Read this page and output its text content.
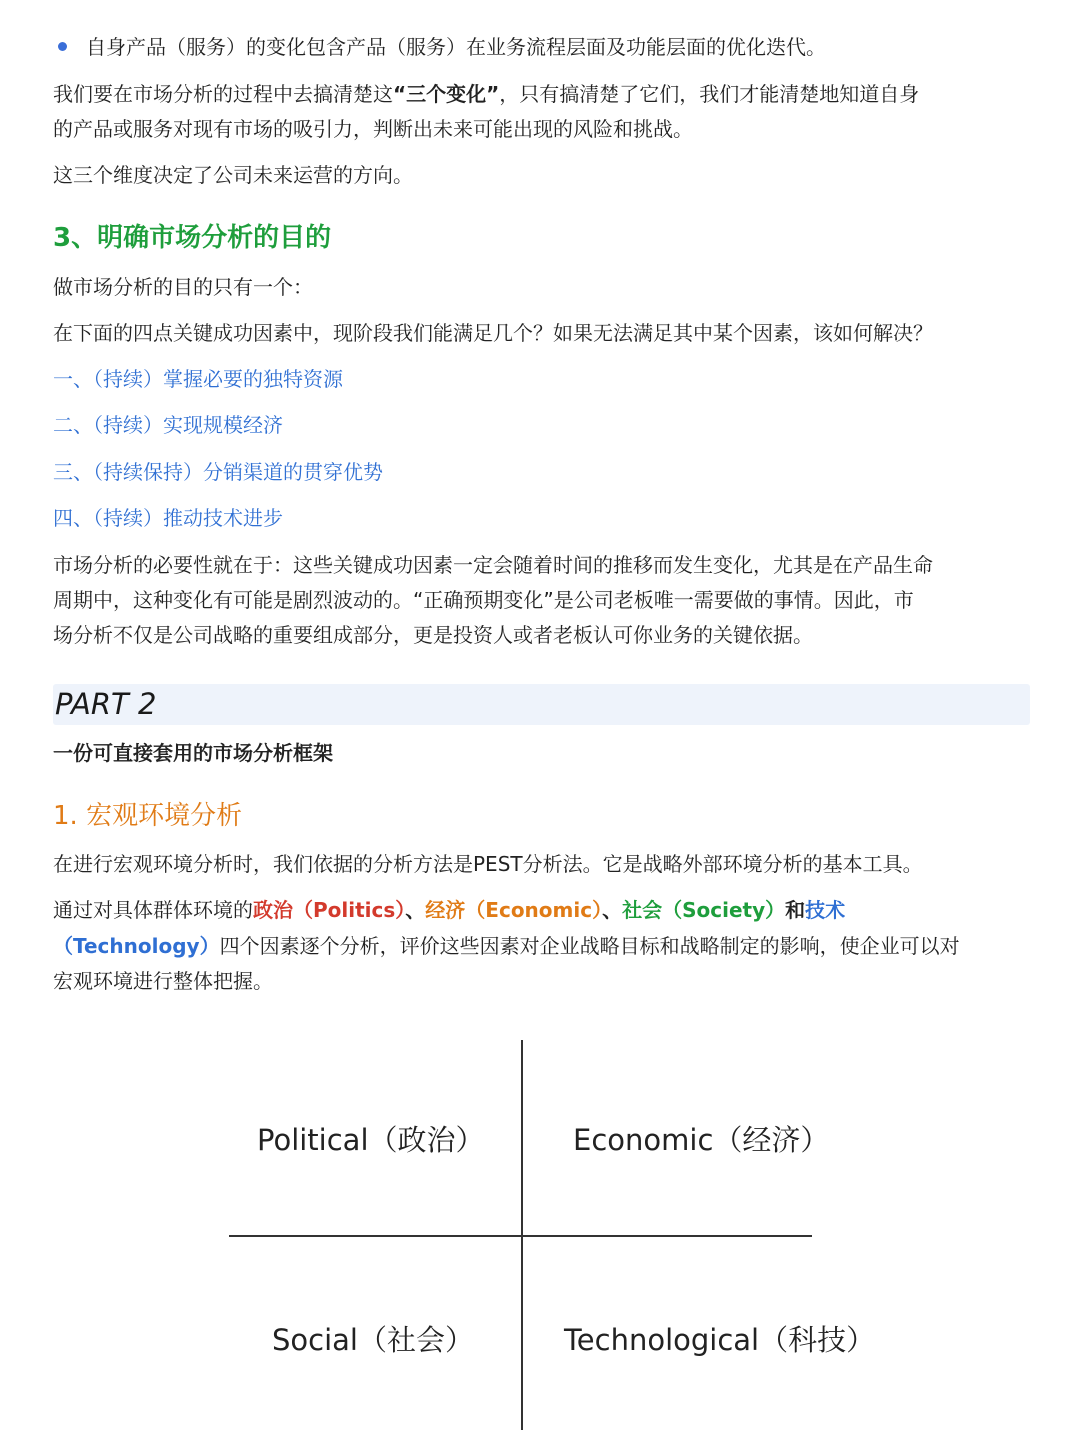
自身产品（服务）的变化包含产品（服务）在业务流程层面及功能层面的优化迭代。
我们要在市场分析的过程中去搞清楚这“三个变化”，只有搞清楚了它们，我们才能清楚地知道自身
的产品或服务对现有市场的吸引力，判断出未来可能出现的风险和挑战。
这三个维度决定了公司未来运营的方向。
3、明确市场分析的目的
做市场分析的目的只有一个：
在下面的四点关键成功因素中，现阶段我们能满足几个？如果无法满足其中某个因素，该如何解决？
一、（持续）掌握必要的独特资源
二、（持续）实现规模经济
三、（持续保持）分销渠道的贯穿优势
四、（持续）推动技术进步
市场分析的必要性就在于：这些关键成功因素一定会随着时间的推移而发生变化，尤其是在产品生命
周期中，这种变化有可能是剧烈波动的。“正确预期变化”是公司老板唯一需要做的事情。因此，市
场分析不仅是公司战略的重要组成部分，更是投资人或者老板认可你业务的关键依据。
PART 2
一份可直接套用的市场分析框架
1. 宏观环境分析
在进行宏观环境分析时，我们依据的分析方法是PEST分析法。它是战略外部环境分析的基本工具。
通过对具体群体环境的政治（Politics）、经济（Economic）、社会（Society）和技术
（Technology）四个因素逐个分析，评价这些因素对企业战略目标和战略制定的影响，使企业可以对
宏观环境进行整体把握。
Political（政治）	Economic（经济）
Social（社会）	Technological（科技）
